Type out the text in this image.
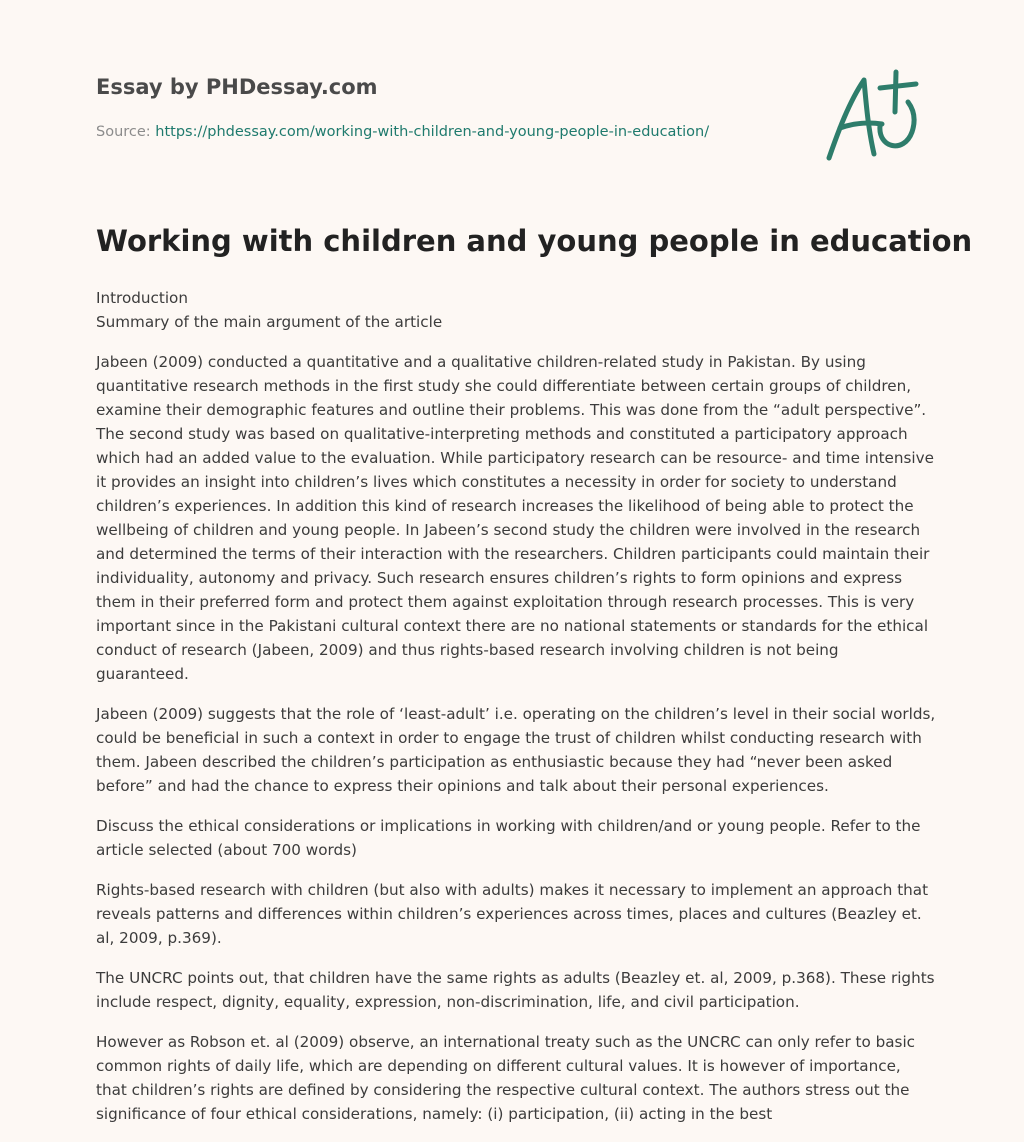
Essay by PHDessay.com
Source: https://phdessay.com/working-with-children-and-young-people-in-education/
Working with children and young people in education

Introduction
Summary of the main argument of the article

Jabeen (2009) conducted a quantitative and a qualitative children-related study in Pakistan. By using quantitative research methods in the first study she could differentiate between certain groups of children, examine their demographic features and outline their problems. This was done from the “adult perspective”. The second study was based on qualitative-interpreting methods and constituted a participatory approach which had an added value to the evaluation. While participatory research can be resource- and time intensive it provides an insight into children’s lives which constitutes a necessity in order for society to understand children’s experiences. In addition this kind of research increases the likelihood of being able to protect the wellbeing of children and young people. In Jabeen’s second study the children were involved in the research and determined the terms of their interaction with the researchers. Children participants could maintain their individuality, autonomy and privacy. Such research ensures children’s rights to form opinions and express them in their preferred form and protect them against exploitation through research processes. This is very important since in the Pakistani cultural context there are no national statements or standards for the ethical conduct of research (Jabeen, 2009) and thus rights-based research involving children is not being guaranteed.

Jabeen (2009) suggests that the role of ‘least-adult’ i.e. operating on the children’s level in their social worlds, could be beneficial in such a context in order to engage the trust of children whilst conducting research with them. Jabeen described the children’s participation as enthusiastic because they had “never been asked before” and had the chance to express their opinions and talk about their personal experiences.

Discuss the ethical considerations or implications in working with children/and or young people. Refer to the article selected (about 700 words)

Rights-based research with children (but also with adults) makes it necessary to implement an approach that reveals patterns and differences within children’s experiences across times, places and cultures (Beazley et. al, 2009, p.369).

The UNCRC points out, that children have the same rights as adults (Beazley et. al, 2009, p.368). These rights include respect, dignity, equality, expression, non-discrimination, life, and civil participation.

However as Robson et. al (2009) observe, an international treaty such as the UNCRC can only refer to basic common rights of daily life, which are depending on different cultural values. It is however of importance, that children’s rights are defined by considering the respective cultural context. The authors stress out the significance of four ethical considerations, namely: (i) participation, (ii) acting in the best
